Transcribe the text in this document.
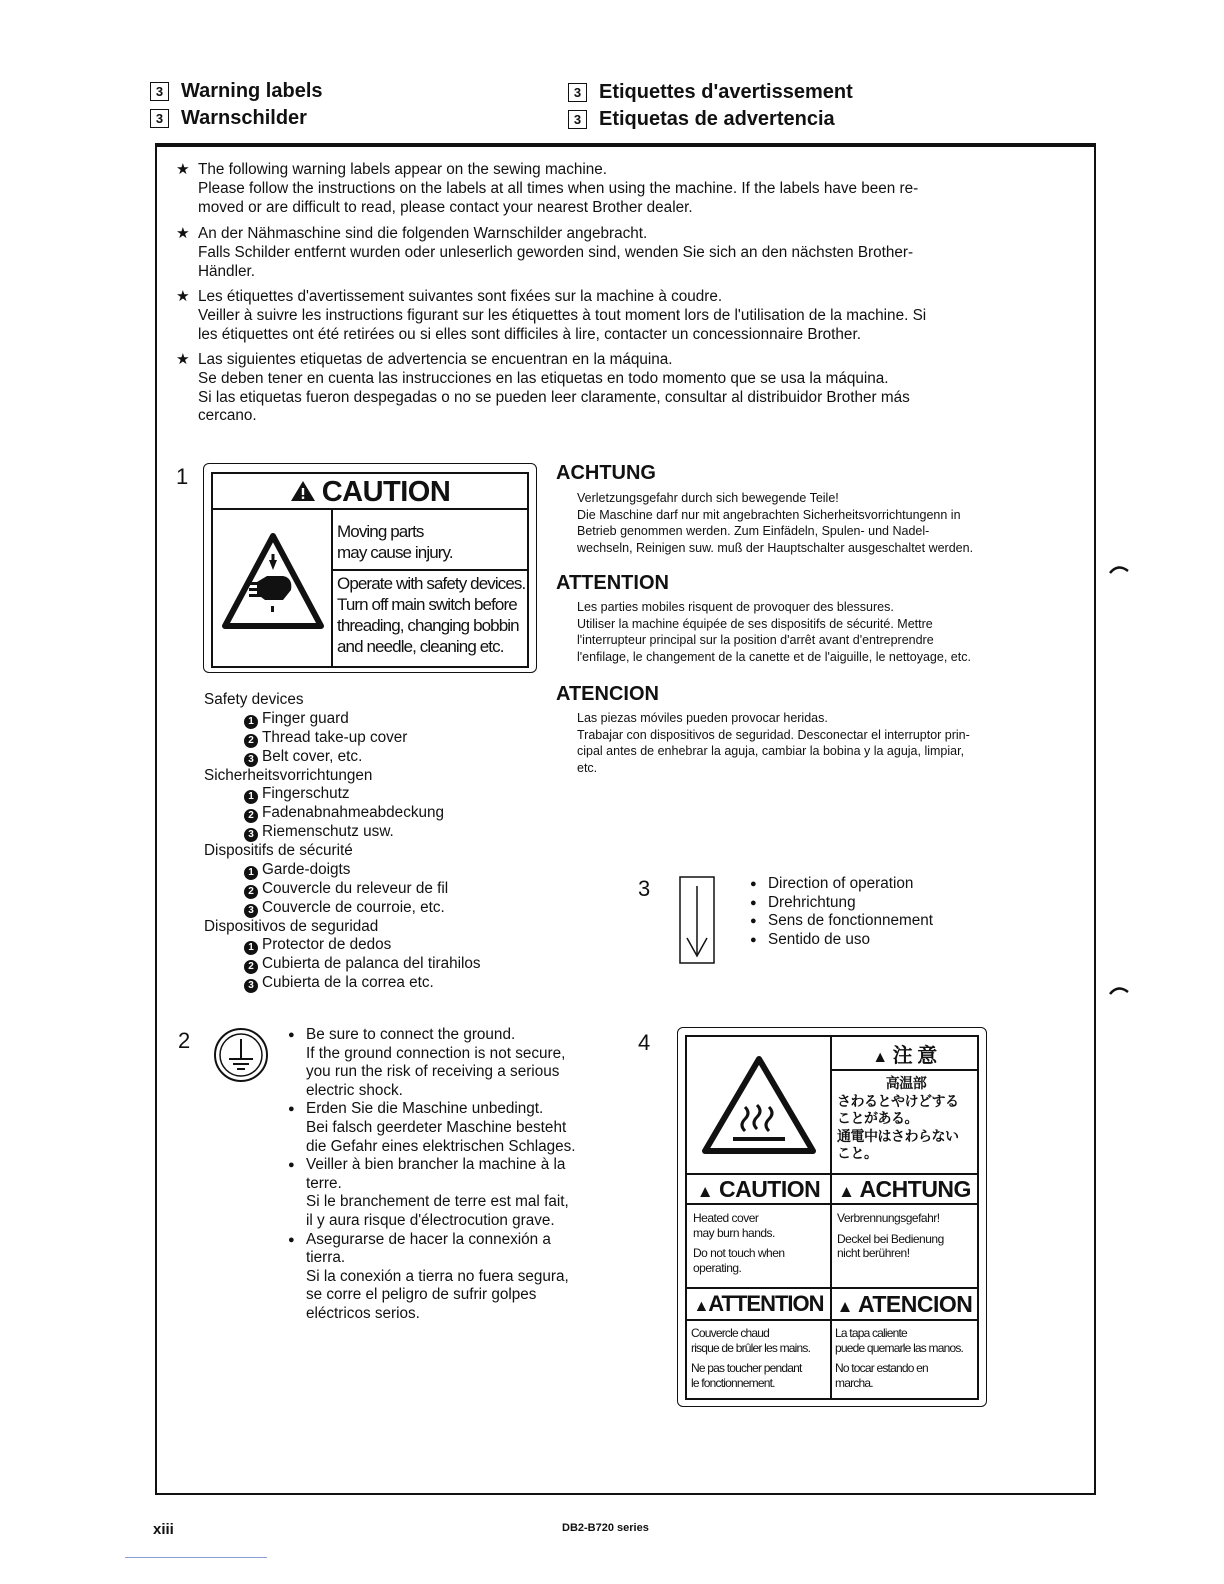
3 Warning labels
3 Warnschilder
3 Etiquettes d'avertissement
3 Etiquetas de advertencia
★ The following warning labels appear on the sewing machine.
Please follow the instructions on the labels at all times when using the machine. If the labels have been re-
moved or are difficult to read, please contact your nearest Brother dealer.
★ An der Nähmaschine sind die folgenden Warnschilder angebracht.
Falls Schilder entfernt wurden oder unleserlich geworden sind, wenden Sie sich an den nächsten Brother-
Händler.
★ Les étiquettes d'avertissement suivantes sont fixées sur la machine à coudre.
Veiller à suivre les instructions figurant sur les étiquettes à tout moment lors de l'utilisation de la machine. Si
les étiquettes ont été retirées ou si elles sont difficiles à lire, contacter un concessionnaire Brother.
★ Las siguientes etiquetas de advertencia se encuentran en la máquina.
Se deben tener en cuenta las instrucciones en las etiquetas en todo momento que se usa la máquina.
Si las etiquetas fueron despegadas o no se pueden leer claramente, consultar al distribuidor Brother más
cercano.
1	CAUTION
Moving parts
may cause injury.
Operate with safety devices.
Turn off main switch before
threading, changing bobbin
and needle, cleaning etc.
ACHTUNG
Verletzungsgefahr durch sich bewegende Teile!
Die Maschine darf nur mit angebrachten Sicherheitsvorrichtungenn in
Betrieb genommen werden. Zum Einfädeln, Spulen- und Nadel-
wechseln, Reinigen suw. muß der Hauptschalter ausgeschaltet werden.
ATTENTION
Les parties mobiles risquent de provoquer des blessures.
Utiliser la machine équipée de ses dispositifs de sécurité. Mettre
l'interrupteur principal sur la position d'arrêt avant d'entreprendre
l'enfilage, le changement de la canette et de l'aiguille, le nettoyage, etc.
ATENCION
Las piezas móviles pueden provocar heridas.
Trabajar con dispositivos de seguridad. Desconectar el interruptor prin-
cipal antes de enhebrar la aguja, cambiar la bobina y la aguja, limpiar,
etc.
Safety devices
1 Finger guard
2 Thread take-up cover
3 Belt cover, etc.
Sicherheitsvorrichtungen
1 Fingerschutz
2 Fadenabnahmeabdeckung
3 Riemenschutz usw.
Dispositifs de sécurité
1 Garde-doigts
2 Couvercle du releveur de fil
3 Couvercle de courroie, etc.
Dispositivos de seguridad
1 Protector de dedos
2 Cubierta de palanca del tirahilos
3 Cubierta de la correa etc.
3	● Direction of operation
● Drehrichtung
● Sens de fonctionnement
● Sentido de uso
2	● Be sure to connect the ground.
If the ground connection is not secure,
you run the risk of receiving a serious
electric shock.
● Erden Sie die Maschine unbedingt.
Bei falsch geerdeter Maschine besteht
die Gefahr eines elektrischen Schlages.
● Veiller à bien brancher la machine à la
terre.
Si le branchement de terre est mal fait,
il y aura risque d'électrocution grave.
● Asegurarse de hacer la connexión a
tierra.
Si la conexión a tierra no fuera segura,
se corre el peligro de sufrir golpes
eléctricos serios.
4
▲ 注 意
高温部
さわるとやけどする
ことがある。
通電中はさわらない
こと。
▲ CAUTION	▲ ACHTUNG
Heated cover
may burn hands.
Do not touch when
operating.
Verbrennungsgefahr!
Deckel bei Bedienung
nicht berühren!
▲ATTENTION ▲ ATENCION
Couvercle chaud
risque de brûler les mains.
Ne pas toucher pendant
le fonctionnement.
La tapa caliente
puede quemarle las manos.
No tocar estando en
marcha.
xiii	DB2-B720 series
